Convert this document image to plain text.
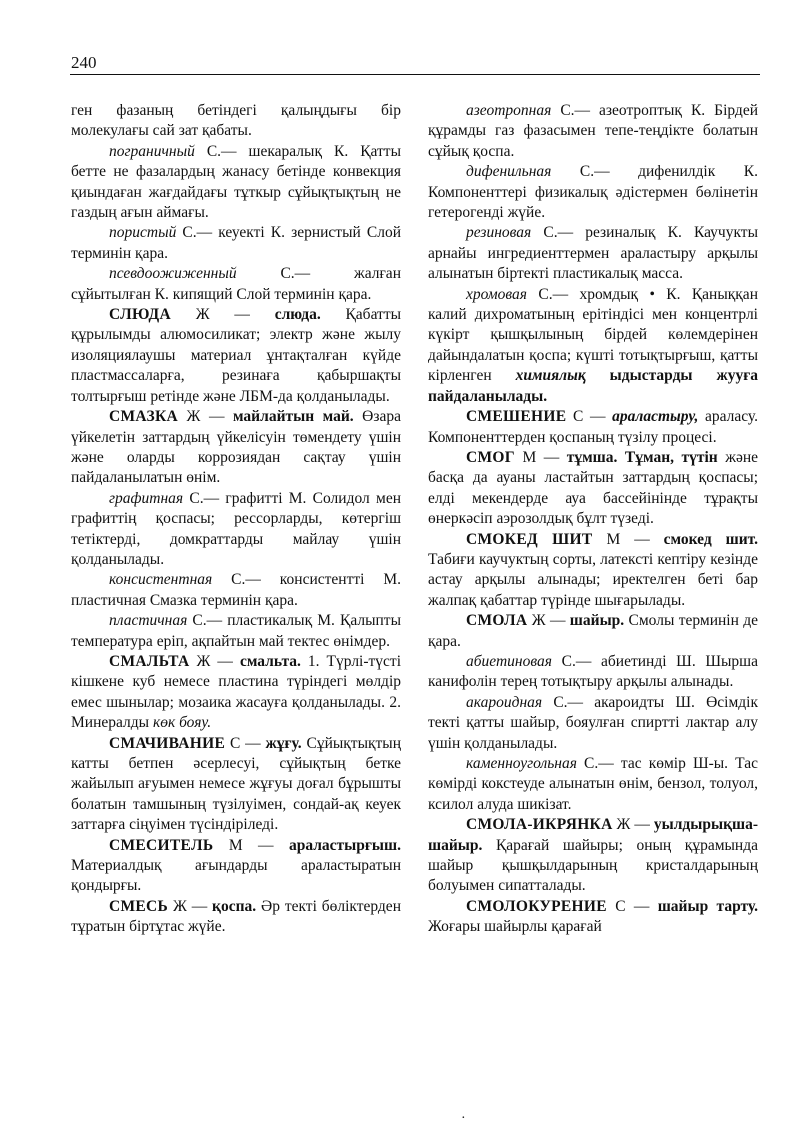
240

ген фазаның бетіндегі қалыңдығы бір молекулағы сай зат қабаты.

пограничный С.— шекаралық К. Қатты бетте не фазалардың жанасу бетінде конвекция қиындаған жағдайдағы тұткыр сұйықтықтың не газдың ағын аймағы.

пористый С.— кеуекті К. зернистый Слой терминін қара.

псевдоожиженный С.— жалған сұйытылған К. кипящий Слой терминін қара.

СЛЮДА Ж — слюда. Қабатты құрылымды алюмосиликат; электр және жылу изоляциялаушы материал ұнтақталған күйде пластмассаларға, резинаға қабыршақты толтырғыш ретінде және ЛБМ-да қолданылады.

СМАЗКА Ж — майлайтын май. Өзара үйкелетін заттардың үйкелісуін төмендету үшін және оларды коррозиядан сақтау үшін пайдаланылатын өнім.

графитная С.— графитті М. Солидол мен графиттің қоспасы; рессорларды, көтергіш тетіктерді, домкраттарды майлау үшін қолданылады.

консистентная С.— консистентті М. пластичная Смазка терминін қара.

пластичная С.— пластикалық М. Қалыпты температура еріп, ақпайтын май тектес өнімдер.

СМАЛЬТА Ж — смальта. 1. Түрлі-түсті кішкене куб немесе пластина түріндегі мөлдір емес шынылар; мозаика жасауға қолданылады. 2. Минералды көк бояу.

СМАЧИВАНИЕ С — жұғу. Сұйықтықтың катты бетпен әсерлесуі, сұйықтың бетке жайылып ағуымен немесе жұғуы доғал бұрышты болатын тамшының түзілуімен, сондай-ақ кеуек заттарға сіңуімен түсіндіріледі.

СМЕСИТЕЛЬ М — араластырғыш. Материалдық ағындарды араластыратын қондырғы.

СМЕСЬ Ж — қоспа. Әр текті бөліктерден тұратын біртұтас жүйе.

азеотропная С.— азеотроптық К. Бірдей құрамды газ фазасымен тепе-теңдікте болатын сұйық қоспа.

дифенильная С.— дифенилдік К. Компоненттері физикалық әдістермен бөлінетін гетерогенді жүйе.

резиновая С.— резиналық К. Каучукты арнайы ингредиенттермен араластыру арқылы алынатын біртекті пластикалық масса.

хромовая С.— хромдық • К. Қаныққан калий дихроматының ерітіндісі мен концентрлі күкірт қышқылының бірдей көлемдерінен дайындалатын қоспа; күшті тотықтырғыш, қатты кірленген химиялық ыдыстарды жууға пайдаланылады.

СМЕШЕНИЕ С — араластыру, араласу. Компоненттерден қоспаның түзілу процесі.

СМОГ М — тұмша. Тұман, түтін және басқа да ауаны ластайтын заттардың қоспасы; елді мекендерде ауа бассейінінде тұрақты өнеркәсіп аэрозолдық бұлт түзеді.

СМОКЕД ШИТ М — смокед шит. Табиғи каучуктың сорты, латексті кептіру кезінде астау арқылы алынады; иректелген беті бар жалпақ қабаттар түрінде шығарылады.

СМОЛА Ж — шайыр. Смолы терминін де қара.

абиетиновая С.— абиетинді Ш. Шырша канифолін терең тотықтыру арқылы алынады.

акароидная С.— акароидты Ш. Өсімдік текті қатты шайыр, бояулған спиртті лактар алу үшін қолданылады.

каменноугольная С.— тас көмір Ш-ы. Тас көмірді кокстеуде алынатын өнім, бензол, толуол, ксилол алуда шикізат.

СМОЛА-ИКРЯНКА Ж — уылдырықша-шайыр. Қарағай шайыры; оның құрамында шайыр қышқылдарының кристалдарының болуымен сипатталады.

СМОЛОКУРЕНИЕ С — шайыр тарту. Жоғары шайырлы қарағай

·
